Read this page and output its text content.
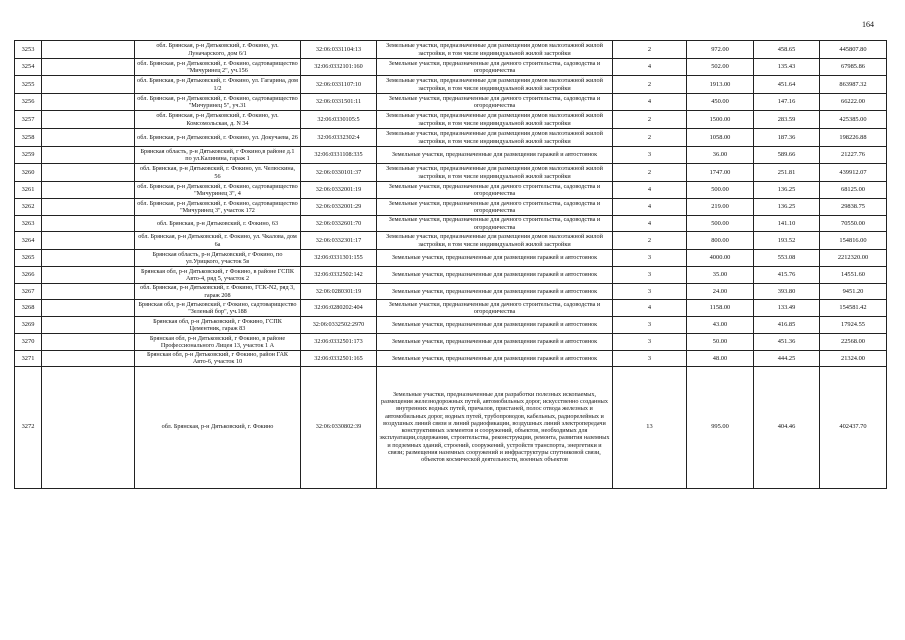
164
3253		обл. Брянская, р-н Дятьковский, г. Фокино, ул. Луначарского, дом 6/1	32:06:0331104:13	Земельные участки, предназначенные для размещения домов малоэтажной жилой застройки, в том числе индивидуальной жилой застройки	2	972.00	458.65	445807.80
3254		обл. Брянская, р-н Дятьковский, г. Фокино, садтоварищество "Мичуринец 2", уч.156	32:06:0332101:160	Земельные участки, предназначенные для дачного строительства, садоводства и огородничества	4	502.00	135.43	67985.86
3255		обл. Брянская, р-н Дятьковский, г. Фокино, ул. Гагарина, дом 1/2	32:06:0331107:10	Земельные участки, предназначенные для размещения домов малоэтажной жилой застройки, в том числе индивидуальной жилой застройки	2	1913.00	451.64	863987.32
3256		обл. Брянская, р-н Дятьковский, г. Фокино, садтоварищество "Мичуринец 5", уч.31	32:06:0331501:11	Земельные участки, предназначенные для дачного строительства, садоводства и огородничества	4	450.00	147.16	66222.00
3257		обл. Брянская, р-н Дятьковский, г. Фокино, ул. Комсомольская, д. N 34	32:06:0330105:5	Земельные участки, предназначенные для размещения домов малоэтажной жилой застройки, в том числе индивидуальной жилой застройки	2	1500.00	283.59	425385.00
3258		обл. Брянская, р-н Дятьковский, г. Фокино, ул. Докучаева, 26	32:06:0332302:4	Земельные участки, предназначенные для размещения домов малоэтажной жилой застройки, в том числе индивидуальной жилой застройки	2	1058.00	187.36	198226.88
3259		Брянская область, р-н Дятьковский, г Фокино,в районе д.1 по ул.Калинина, гараж 1	32:06:0331108:335	Земельные участки, предназначенные для размещения гаражей и автостоянок	3	36.00	589.66	21227.76
3260		обл. Брянская, р-н Дятьковский, г. Фокино, ул. Челюскина, 56	32:06:0330101:37	Земельные участки, предназначенные для размещения домов малоэтажной жилой застройки, в том числе индивидуальной жилой застройки	2	1747.00	251.81	439912.07
3261		обл. Брянская, р-н Дятьковский, г. Фокино, садтоварищество "Мичуринец 3", 4	32:06:0332001:19	Земельные участки, предназначенные для дачного строительства, садоводства и огородничества	4	500.00	136.25	68125.00
3262		обл. Брянская, р-н Дятьковский, г. Фокино, садтоварищество "Мичуринец 3", участок 172	32:06:0332001:29	Земельные участки, предназначенные для дачного строительства, садоводства и огородничества	4	219.00	136.25	29838.75
3263		обл. Брянская, р-н Дятьковский, г. Фокино, 63	32:06:0332601:70	Земельные участки, предназначенные для дачного строительства, садоводства и огородничества	4	500.00	141.10	70550.00
3264		обл. Брянская, р-н Дятьковский, г. Фокино, ул. Чкалова, дом 6а	32:06:0332301:17	Земельные участки, предназначенные для размещения домов малоэтажной жилой застройки, в том числе индивидуальной жилой застройки	2	800.00	193.52	154816.00
3265		Брянская область, р-н Дятьковский, г Фокино, по ул.Урицкого, участок 5в	32:06:0331301:155	Земельные участки, предназначенные для размещения гаражей и автостоянок	3	4000.00	553.08	2212320.00
3266		Брянская обл, р-н Дятьковский, г Фокино, в районе ГСПК Авто-4, ряд 5, участок 2	32:06:0332502:142	Земельные участки, предназначенные для размещения гаражей и автостоянок	3	35.00	415.76	14551.60
3267		обл. Брянская, р-н Дятьковский, г. Фокино, ГСК-N2, ряд 3, гараж 208	32:06:0280301:19	Земельные участки, предназначенные для размещения гаражей и автостоянок	3	24.00	393.80	9451.20
3268		Брянская обл, р-н Дятьковский, г Фокино, садтоварищество "Зеленый бор", уч.188	32:06:0280202:404	Земельные участки, предназначенные для дачного строительства, садоводства и огородничества	4	1158.00	133.49	154581.42
3269		Брянская обл, р-н Дятьковский, г Фокино, ГСПК Цементник, гараж 83	32:06:0332502:2970	Земельные участки, предназначенные для размещения гаражей и автостоянок	3	43.00	416.85	17924.55
3270		Брянская обл, р-н Дятьковский, г Фокино, в районе Профессионального Лицея 13, участок 1 А	32:06:0332501:173	Земельные участки, предназначенные для размещения гаражей и автостоянок	3	50.00	451.36	22568.00
3271		Брянская обл, р-н Дятьковский, г Фокино, район ГАК Авто-6, участок 10	32:06:0332501:165	Земельные участки, предназначенные для размещения гаражей и автостоянок	3	48.00	444.25	21324.00
3272		обл. Брянская, р-н Дятьковский, г. Фокино	32:06:0330802:39	Земельные участки, предназначенные для разработки полезных ископаемых, размещения железнодорожных путей, автомобильных дорог, искусственно созданных внутренних водных путей, причалов, пристаней, полос отвода железных и автомобильных дорог, водных путей, трубопроводов, кабельных, радиорелейных и воздушных линий связи и линий радиофикации, воздушных линий электропередачи конструктивных элементов и сооружений, объектов, необходимых для эксплуатации,содержания, строительства, реконструкции, ремонта, развития наземных и подземных зданий, строений, сооружений, устройств транспорта, энергетики и связи; размещения наземных сооружений и инфраструктуры спутниковой связи, объектов космической деятельности, военных объектов	13	995.00	404.46	402437.70
